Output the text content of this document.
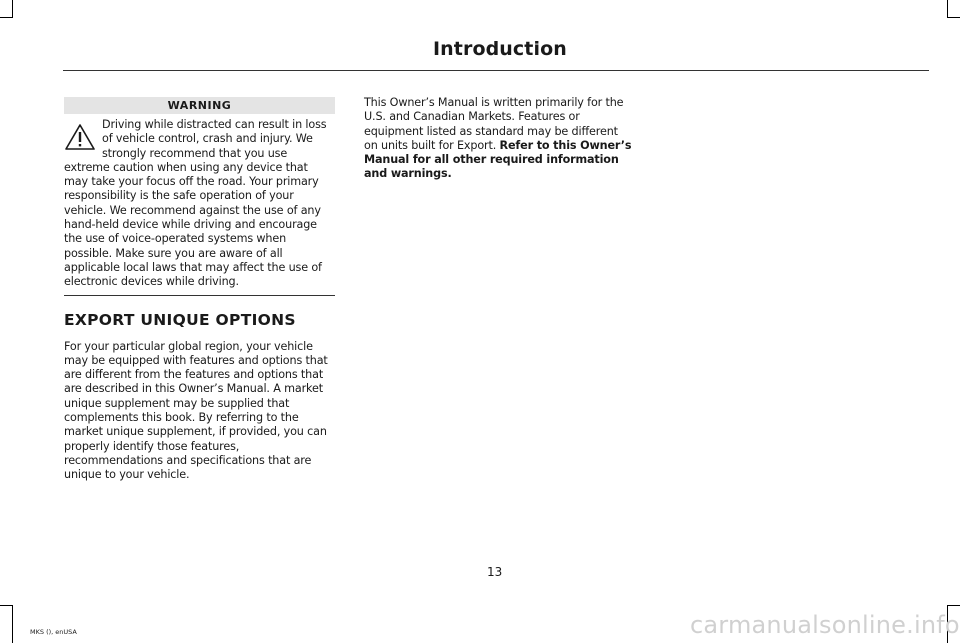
Introduction
WARNING
Driving while distracted can result in loss of vehicle control, crash and injury. We strongly recommend that you use extreme caution when using any device that may take your focus off the road. Your primary responsibility is the safe operation of your vehicle. We recommend against the use of any hand-held device while driving and encourage the use of voice-operated systems when possible. Make sure you are aware of all applicable local laws that may affect the use of electronic devices while driving.
EXPORT UNIQUE OPTIONS
For your particular global region, your vehicle may be equipped with features and options that are different from the features and options that are described in this Owner’s Manual. A market unique supplement may be supplied that complements this book. By referring to the market unique supplement, if provided, you can properly identify those features, recommendations and specifications that are unique to your vehicle.
This Owner’s Manual is written primarily for the U.S. and Canadian Markets. Features or equipment listed as standard may be different on units built for Export. Refer to this Owner’s Manual for all other required information and warnings.
13
MKS (), enUSA	carmanualsonline.info
